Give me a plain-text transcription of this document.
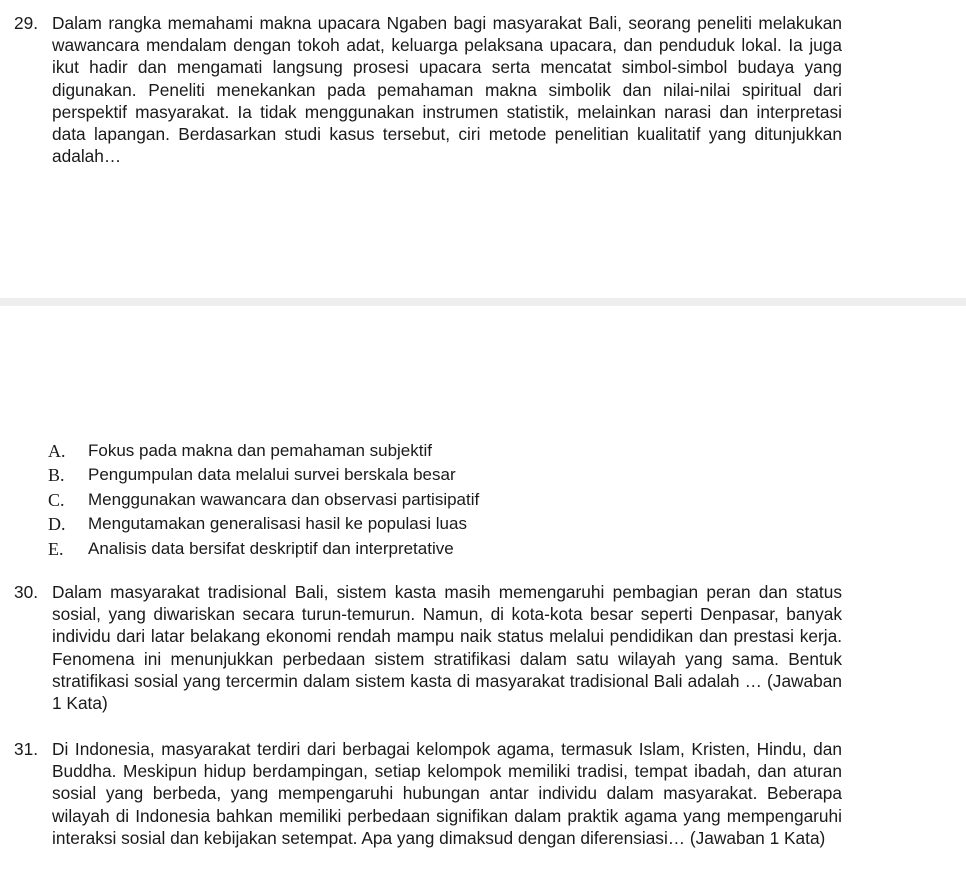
29. Dalam rangka memahami makna upacara Ngaben bagi masyarakat Bali, seorang peneliti melakukan wawancara mendalam dengan tokoh adat, keluarga pelaksana upacara, dan penduduk lokal. Ia juga ikut hadir dan mengamati langsung prosesi upacara serta mencatat simbol-simbol budaya yang digunakan. Peneliti menekankan pada pemahaman makna simbolik dan nilai-nilai spiritual dari perspektif masyarakat. Ia tidak menggunakan instrumen statistik, melainkan narasi dan interpretasi data lapangan. Berdasarkan studi kasus tersebut, ciri metode penelitian kualitatif yang ditunjukkan adalah…
A.	Fokus pada makna dan pemahaman subjektif
B.	Pengumpulan data melalui survei berskala besar
C.	Menggunakan wawancara dan observasi partisipatif
D.	Mengutamakan generalisasi hasil ke populasi luas
E.	Analisis data bersifat deskriptif dan interpretative
30. Dalam masyarakat tradisional Bali, sistem kasta masih memengaruhi pembagian peran dan status sosial, yang diwariskan secara turun-temurun. Namun, di kota-kota besar seperti Denpasar, banyak individu dari latar belakang ekonomi rendah mampu naik status melalui pendidikan dan prestasi kerja. Fenomena ini menunjukkan perbedaan sistem stratifikasi dalam satu wilayah yang sama. Bentuk stratifikasi sosial yang tercermin dalam sistem kasta di masyarakat tradisional Bali adalah … (Jawaban 1 Kata)
31. Di Indonesia, masyarakat terdiri dari berbagai kelompok agama, termasuk Islam, Kristen, Hindu, dan Buddha. Meskipun hidup berdampingan, setiap kelompok memiliki tradisi, tempat ibadah, dan aturan sosial yang berbeda, yang mempengaruhi hubungan antar individu dalam masyarakat. Beberapa wilayah di Indonesia bahkan memiliki perbedaan signifikan dalam praktik agama yang mempengaruhi interaksi sosial dan kebijakan setempat. Apa yang dimaksud dengan diferensiasi… (Jawaban 1 Kata)
